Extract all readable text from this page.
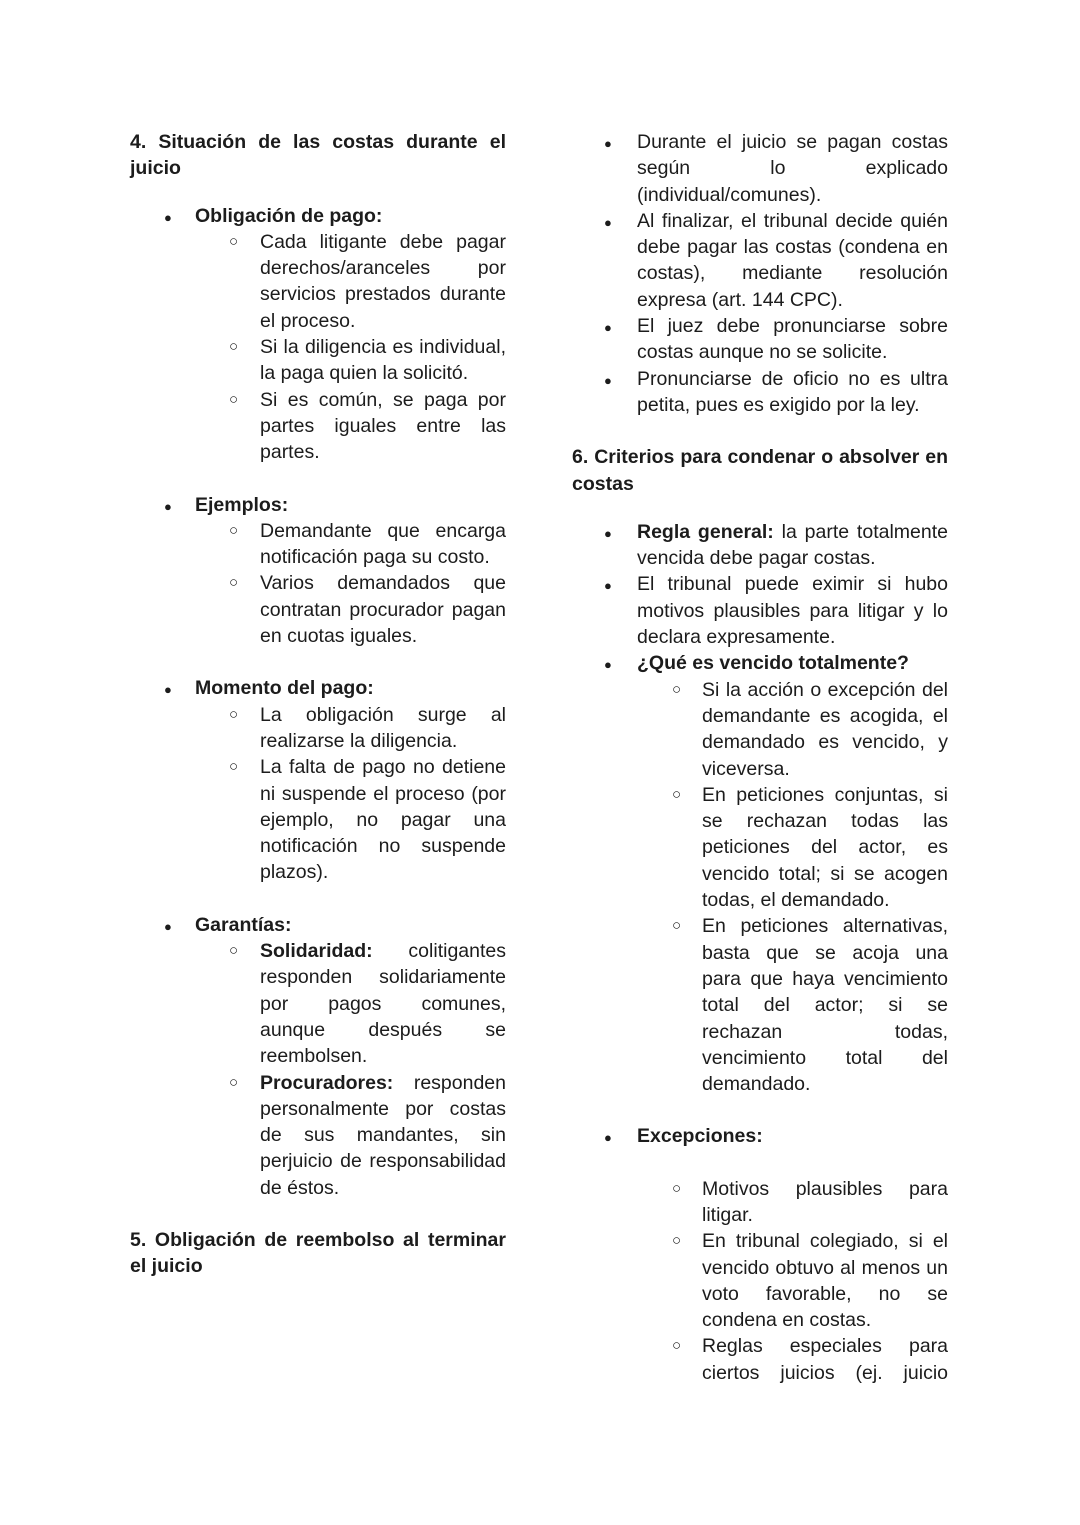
4. Situación de las costas durante el juicio

●
Obligación de pago:
○
Cada litigante debe pagar derechos/aranceles por servicios prestados durante el proceso.
○
Si la diligencia es individual, la paga quien la solicitó.
○
Si es común, se paga por partes iguales entre las partes.
●
Ejemplos:
○
Demandante que encarga notificación paga su costo.
○
Varios demandados que contratan procurador pagan en cuotas iguales.
●
Momento del pago:
○
La obligación surge al realizarse la diligencia.
○
La falta de pago no detiene ni suspende el proceso (por ejemplo, no pagar una notificación no suspende plazos).
●
Garantías:
○
Solidaridad: colitigantes responden solidariamente por pagos comunes, aunque después se reembolsen.
○
Procuradores: responden personalmente por costas de sus mandantes, sin perjuicio de responsabilidad de éstos.

5. Obligación de reembolso al terminar el juicio

●
Durante el juicio se pagan costas según lo explicado (individual/comunes).
●
Al finalizar, el tribunal decide quién debe pagar las costas (condena en costas), mediante resolución expresa (art. 144 CPC).
●
El juez debe pronunciarse sobre costas aunque no se solicite.
●
Pronunciarse de oficio no es ultra petita, pues es exigido por la ley.

6. Criterios para condenar o absolver en costas

●
Regla general: la parte totalmente vencida debe pagar costas.
●
El tribunal puede eximir si hubo motivos plausibles para litigar y lo declara expresamente.
●
¿Qué es vencido totalmente?
○
Si la acción o excepción del demandante es acogida, el demandado es vencido, y viceversa.
○
En peticiones conjuntas, si se rechazan todas las peticiones del actor, es vencido total; si se acogen todas, el demandado.
○
En peticiones alternativas, basta que se acoja una para que haya vencimiento total del actor; si se rechazan todas, vencimiento total del demandado.
●
Excepciones:
○
Motivos plausibles para litigar.
○
En tribunal colegiado, si el vencido obtuvo al menos un voto favorable, no se condena en costas.
○
Reglas especiales para ciertos juicios (ej. juicio
